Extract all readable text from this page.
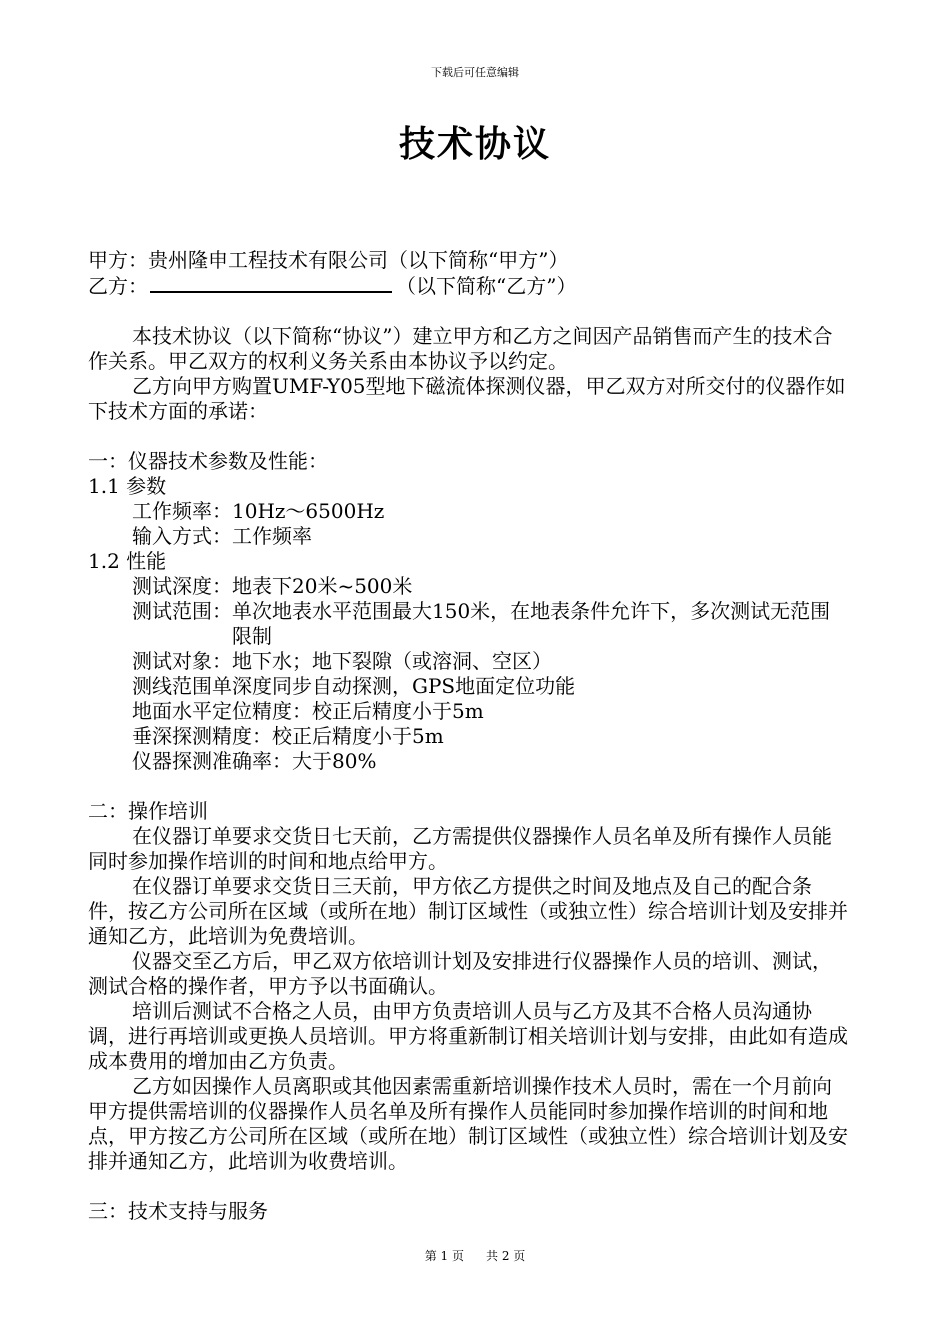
下载后可任意编辑
技术协议

甲方：贵州隆申工程技术有限公司（以下简称“甲方”）

乙方：	（以下简称“乙方”）

本技术协议（以下简称“协议”）建立甲方和乙方之间因产品销售而产生的技术合作关系。甲乙双方的权利义务关系由本协议予以约定。

乙方向甲方购置UMF-Y05型地下磁流体探测仪器，甲乙双方对所交付的仪器作如下技术方面的承诺：

一：仪器技术参数及性能：

1.1 参数

工作频率：10Hz～6500Hz

输入方式：工作频率

1.2 性能

测试深度：地表下20米~500米

测试范围： 单次地表水平范围最大150米，在地表条件允许下，多次测试无范围限制

测试对象：地下水；地下裂隙（或溶洞、空区）

测线范围单深度同步自动探测，GPS地面定位功能

地面水平定位精度：校正后精度小于5m

垂深探测精度：校正后精度小于5m

仪器探测准确率：大于80%

二：操作培训

在仪器订单要求交货日七天前，乙方需提供仪器操作人员名单及所有操作人员能同时参加操作培训的时间和地点给甲方。

在仪器订单要求交货日三天前，甲方依乙方提供之时间及地点及自己的配合条件，按乙方公司所在区域（或所在地）制订区域性（或独立性）综合培训计划及安排并通知乙方，此培训为免费培训。

仪器交至乙方后，甲乙双方依培训计划及安排进行仪器操作人员的培训、测试，测试合格的操作者，甲方予以书面确认。

培训后测试不合格之人员，由甲方负责培训人员与乙方及其不合格人员沟通协调，进行再培训或更换人员培训。甲方将重新制订相关培训计划与安排，由此如有造成成本费用的增加由乙方负责。

乙方如因操作人员离职或其他因素需重新培训操作技术人员时，需在一个月前向甲方提供需培训的仪器操作人员名单及所有操作人员能同时参加操作培训的时间和地点，甲方按乙方公司所在区域（或所在地）制订区域性（或独立性）综合培训计划及安排并通知乙方，此培训为收费培训。

三：技术支持与服务

第 1 页 共 2 页
